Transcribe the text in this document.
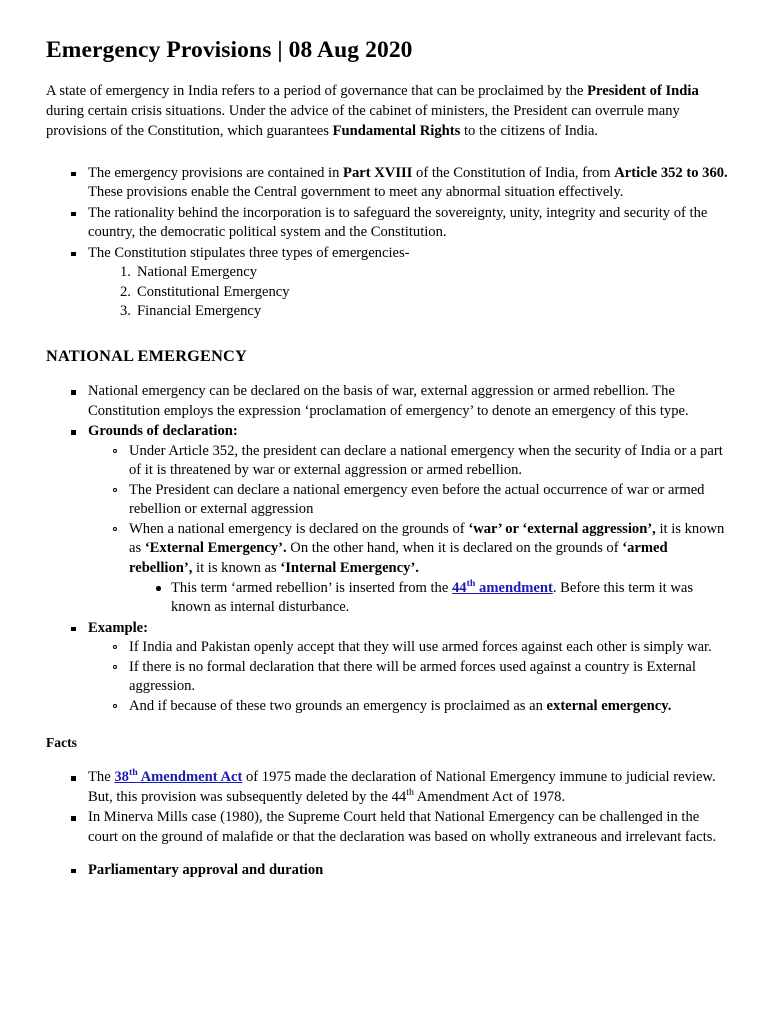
Emergency Provisions | 08 Aug 2020

A state of emergency in India refers to a period of governance that can be proclaimed by the President of India during certain crisis situations. Under the advice of the cabinet of ministers, the President can overrule many provisions of the Constitution, which guarantees Fundamental Rights to the citizens of India.

The emergency provisions are contained in Part XVIII of the Constitution of India, from Article 352 to 360. These provisions enable the Central government to meet any abnormal situation effectively.
The rationality behind the incorporation is to safeguard the sovereignty, unity, integrity and security of the country, the democratic political system and the Constitution.
The Constitution stipulates three types of emergencies-
National Emergency
Constitutional Emergency
Financial Emergency
NATIONAL EMERGENCY
National emergency can be declared on the basis of war, external aggression or armed rebellion. The Constitution employs the expression ‘proclamation of emergency’ to denote an emergency of this type.
Grounds of declaration:
Under Article 352, the president can declare a national emergency when the security of India or a part of it is threatened by war or external aggression or armed rebellion.
The President can declare a national emergency even before the actual occurrence of war or armed rebellion or external aggression
When a national emergency is declared on the grounds of ‘war’ or ‘external aggression’, it is known as ‘External Emergency’. On the other hand, when it is declared on the grounds of ‘armed rebellion’, it is known as ‘Internal Emergency’.
This term ‘armed rebellion’ is inserted from the 44th amendment. Before this term it was known as internal disturbance.
Example:
If India and Pakistan openly accept that they will use armed forces against each other is simply war.
If there is no formal declaration that there will be armed forces used against a country is External aggression.
And if because of these two grounds an emergency is proclaimed as an external emergency.
Facts
The 38th Amendment Act of 1975 made the declaration of National Emergency immune to judicial review. But, this provision was subsequently deleted by the 44th Amendment Act of 1978.
In Minerva Mills case (1980), the Supreme Court held that National Emergency can be challenged in the court on the ground of malafide or that the declaration was based on wholly extraneous and irrelevant facts.
Parliamentary approval and duration
